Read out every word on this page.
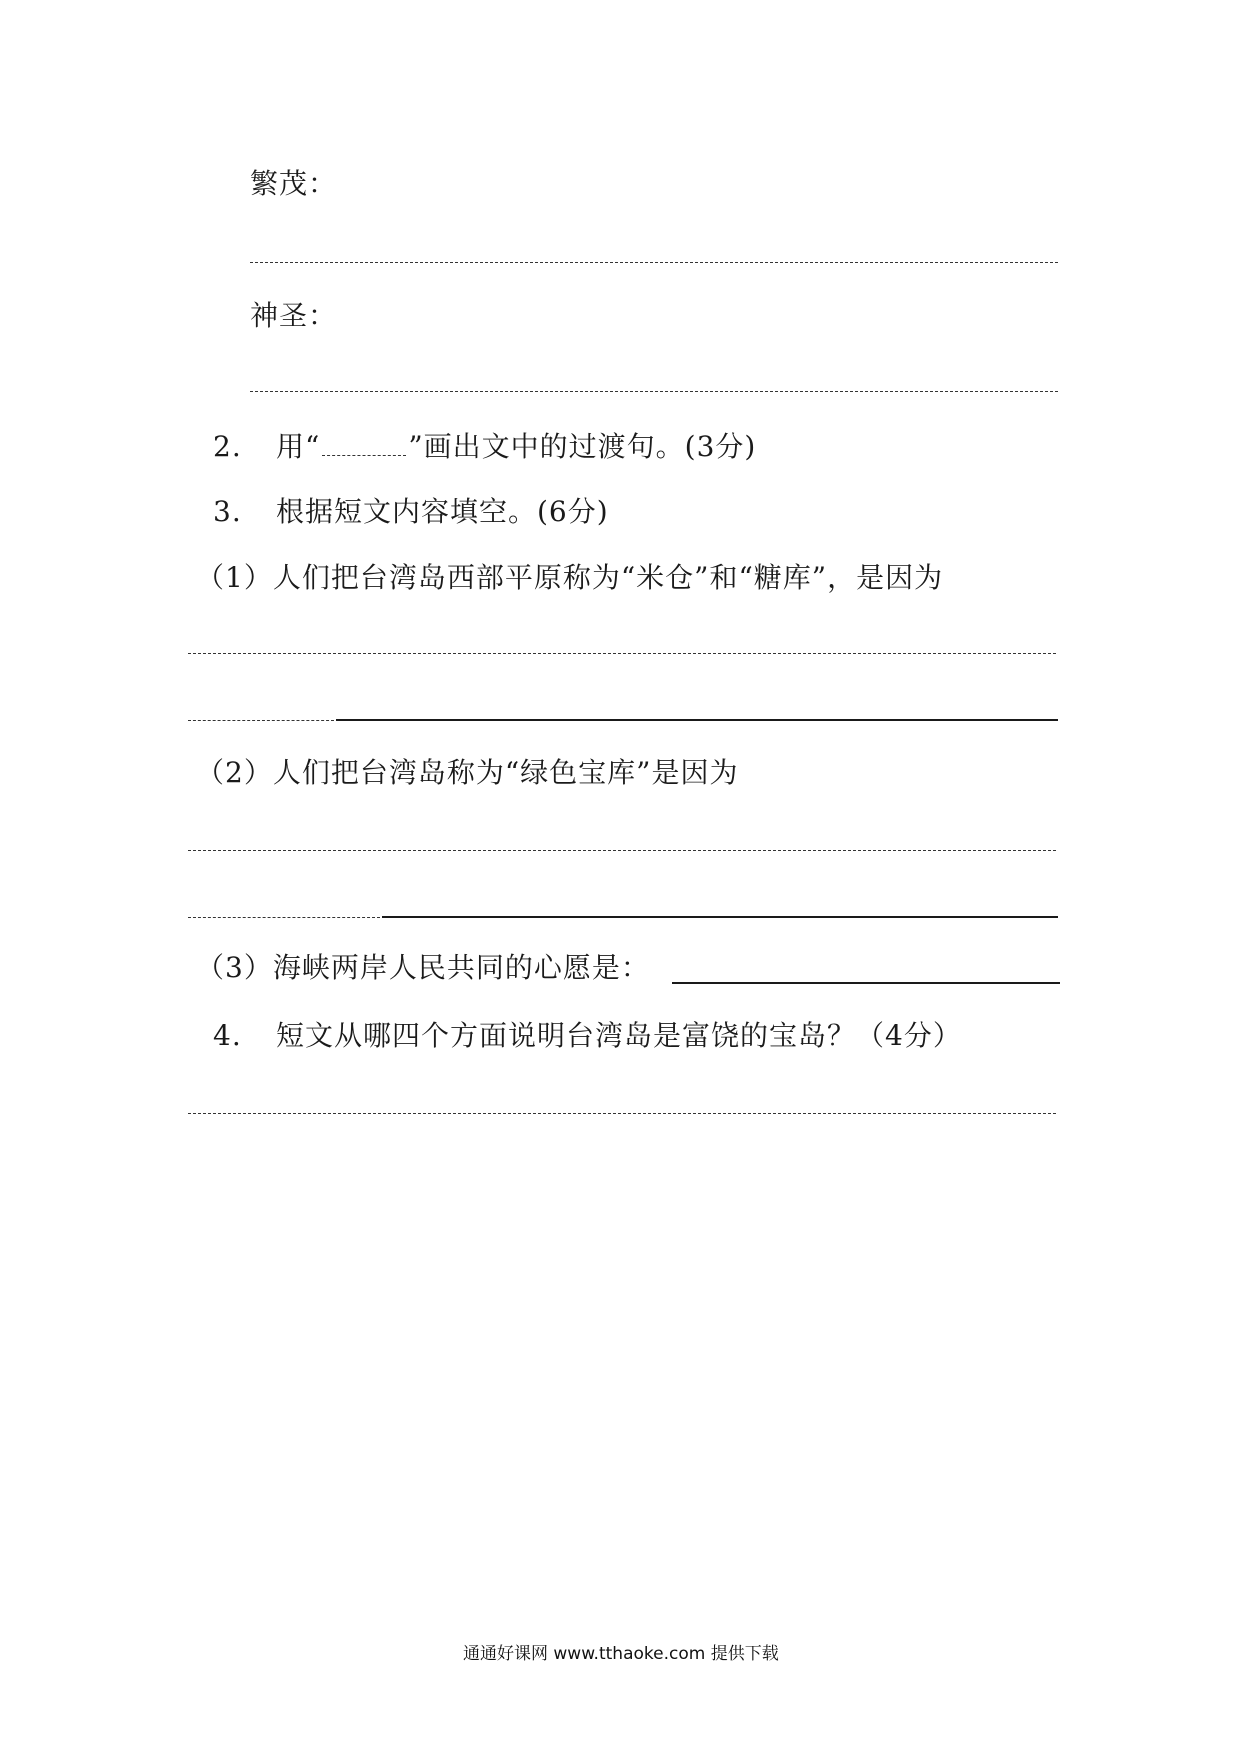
繁茂：
神圣：
2. 用“	”画出文中的过渡句。(3分)
3. 根据短文内容填空。(6分)
（1）人们把台湾岛西部平原称为“米仓”和“糖库”，是因为
（2）人们把台湾岛称为“绿色宝库”是因为
（3）海峡两岸人民共同的心愿是：
4. 短文从哪四个方面说明台湾岛是富饶的宝岛？（4分）
通通好课网 www.tthaoke.com 提供下载
